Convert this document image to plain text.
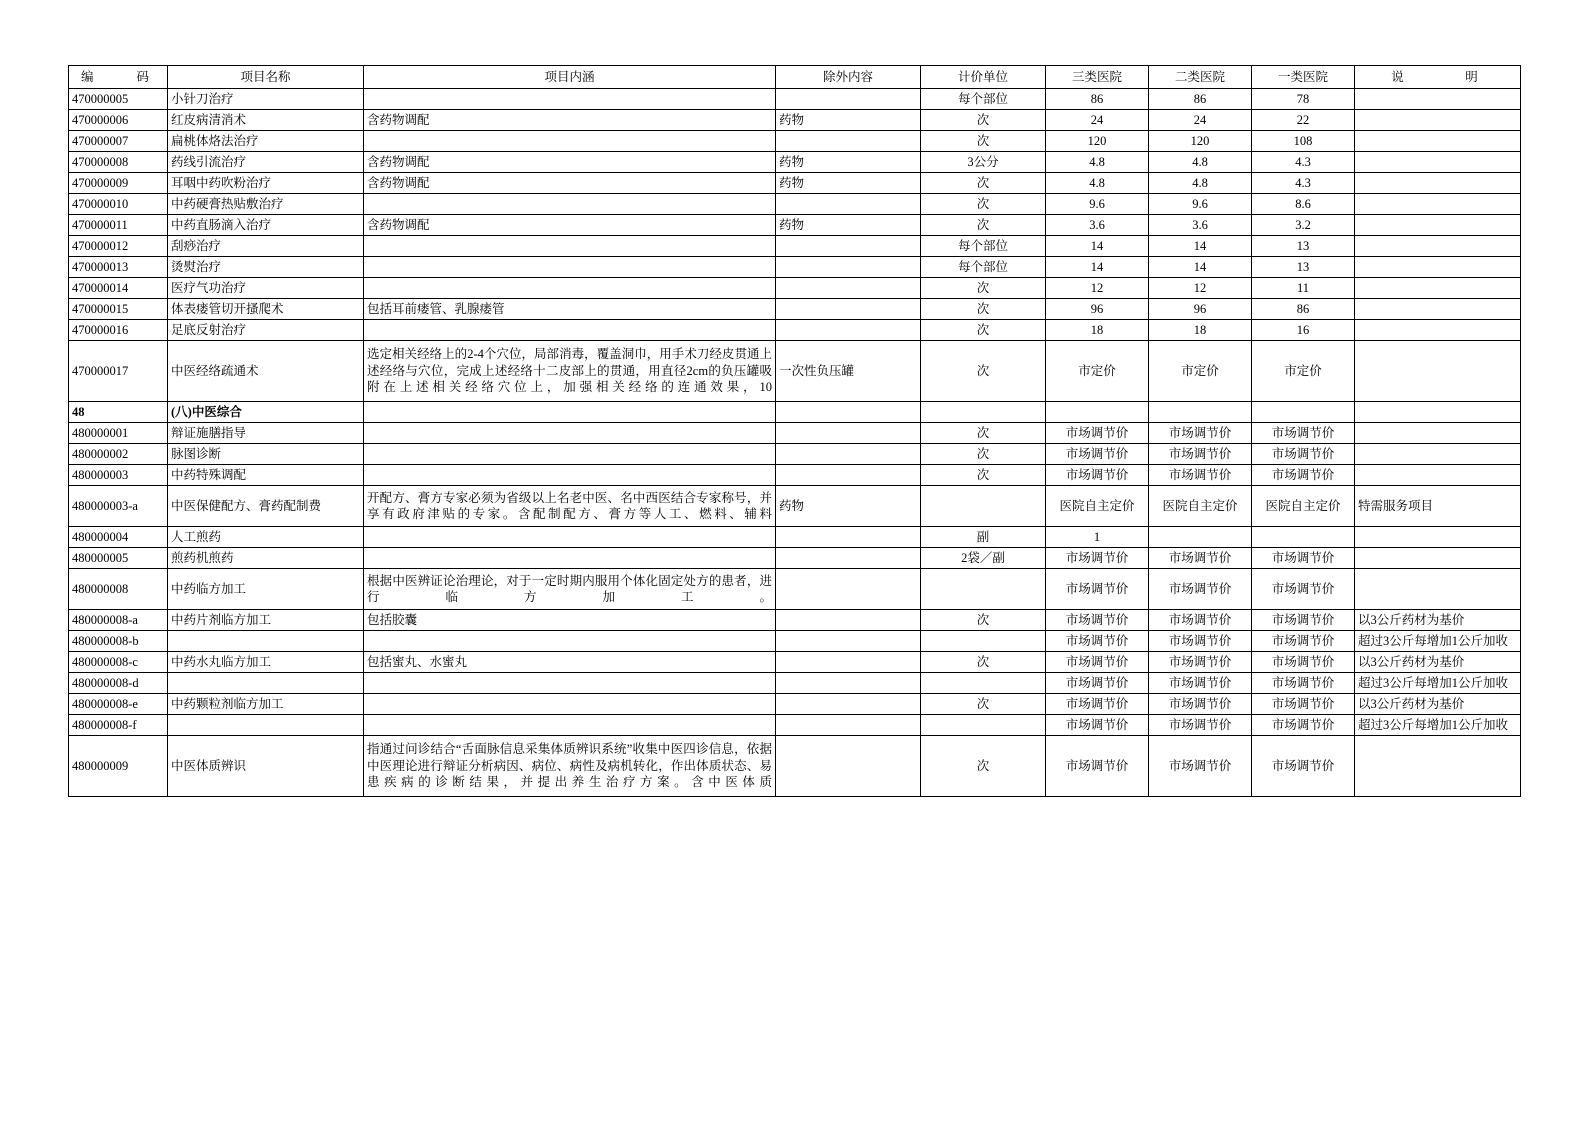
编　　码	项目名称	项目内涵	除外内容	计价单位	三类医院	二类医院	一类医院	说　　　明
470000005	小针刀治疗			每个部位	86	86	78	
470000006	红皮病清消术	含药物调配	药物	次	24	24	22	
470000007	扁桃体烙法治疗			次	120	120	108	
470000008	药线引流治疗	含药物调配	药物	3公分	4.8	4.8	4.3	
470000009	耳咽中药吹粉治疗	含药物调配	药物	次	4.8	4.8	4.3	
470000010	中药硬膏热贴敷治疗			次	9.6	9.6	8.6	
470000011	中药直肠滴入治疗	含药物调配	药物	次	3.6	3.6	3.2	
470000012	刮痧治疗			每个部位	14	14	13	
470000013	烫熨治疗			每个部位	14	14	13	
470000014	医疗气功治疗			次	12	12	11	
470000015	体表瘘管切开搔爬术	包括耳前瘘管、乳腺瘘管		次	96	96	86	
470000016	足底反射治疗			次	18	18	16	
470000017	中医经络疏通术	选定相关经络上的2-4个穴位，局部消毒，覆盖洞巾，用手术刀经皮贯通上述经络与穴位，完成上述经络十二皮部上的贯通，用直径2cm的负压罐吸附在上述相关经络穴位上，加强相关经络的连通效果，10	一次性负压罐	次	市定价	市定价	市定价	
48	(八)中医综合							
480000001	辩证施膳指导			次	市场调节价	市场调节价	市场调节价	
480000002	脉图诊断			次	市场调节价	市场调节价	市场调节价	
480000003	中药特殊调配			次	市场调节价	市场调节价	市场调节价	
480000003-a	中医保健配方、膏药配制费	开配方、膏方专家必须为省级以上名老中医、名中西医结合专家称号，并享有政府津贴的专家。含配制配方、膏方等人工、燃料、辅料	药物		医院自主定价	医院自主定价	医院自主定价	特需服务项目
480000004	人工煎药			副	1			
480000005	煎药机煎药			2袋／副	市场调节价	市场调节价	市场调节价	
480000008	中药临方加工	根据中医辨证论治理论，对于一定时期内服用个体化固定处方的患者，进行临方加工。			市场调节价	市场调节价	市场调节价	
480000008-a	中药片剂临方加工	包括胶囊		次	市场调节价	市场调节价	市场调节价	以3公斤药材为基价
480000008-b					市场调节价	市场调节价	市场调节价	超过3公斤每增加1公斤加收
480000008-c	中药水丸临方加工	包括蜜丸、水蜜丸		次	市场调节价	市场调节价	市场调节价	以3公斤药材为基价
480000008-d					市场调节价	市场调节价	市场调节价	超过3公斤每增加1公斤加收
480000008-e	中药颗粒剂临方加工			次	市场调节价	市场调节价	市场调节价	以3公斤药材为基价
480000008-f					市场调节价	市场调节价	市场调节价	超过3公斤每增加1公斤加收
480000009	中医体质辨识	指通过问诊结合“舌面脉信息采集体质辨识系统”收集中医四诊信息，依据中医理论进行辩证分析病因、病位、病性及病机转化，作出体质状态、易患疾病的诊断结果，并提出养生治疗方案。含中医体质		次	市场调节价	市场调节价	市场调节价	
